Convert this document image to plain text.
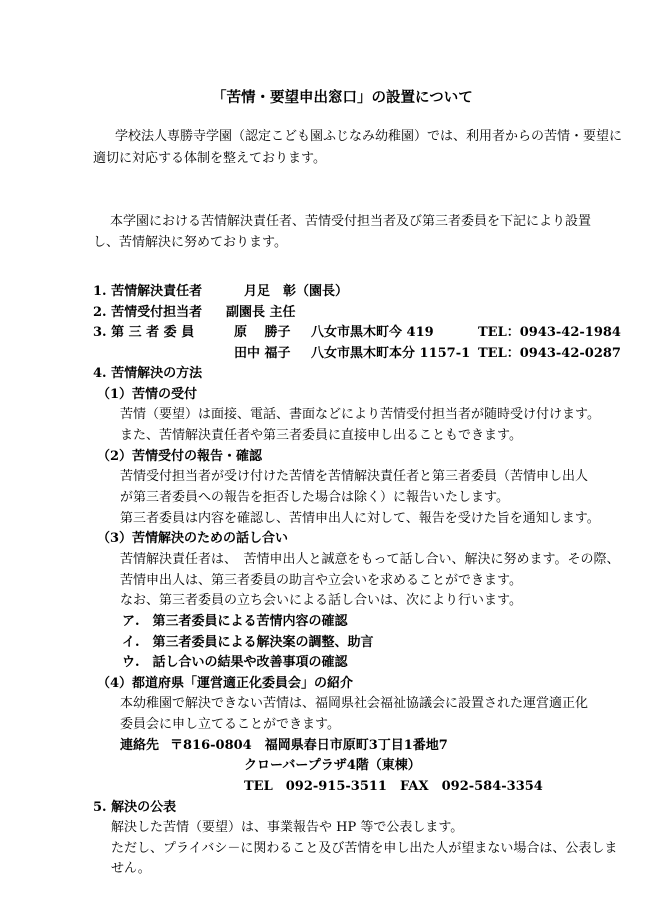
「苦情・要望申出窓口」の設置について
学校法人専勝寺学園（認定こども園ふじなみ幼稚園）では、利用者からの苦情・要望に
適切に対応する体制を整えております。
本学園における苦情解決責任者、苦情受付担当者及び第三者委員を下記により設置
し、苦情解決に努めております。
1. 苦情解決責任者	月足　彰（園長）
2. 苦情受付担当者 副園長 主任
3. 第 三 者 委 員	原　 勝子 八女市黒木町今 419	TEL：0943-42-1984
田中 福子 八女市黒木町本分 1157-1 TEL：0943-42-0287
4. 苦情解決の方法
（1）苦情の受付
苦情（要望）は面接、電話、書面などにより苦情受付担当者が随時受け付けます。
また、苦情解決責任者や第三者委員に直接申し出ることもできます。
（2）苦情受付の報告・確認
苦情受付担当者が受け付けた苦情を苦情解決責任者と第三者委員（苦情申し出人
が第三者委員への報告を拒否した場合は除く）に報告いたします。
第三者委員は内容を確認し、苦情申出人に対して、報告を受けた旨を通知します。
（3）苦情解決のための話し合い
苦情解決責任者は、　苦情申出人と誠意をもって話し合い、解決に努めます。その際、
苦情申出人は、第三者委員の助言や立会いを求めることができます。
なお、第三者委員の立ち会いによる話し合いは、次により行います。
ア.　第三者委員による苦情内容の確認
イ.　第三者委員による解決案の調整、助言
ウ.　話し合いの結果や改善事項の確認
（4）都道府県「運営適正化委員会」の紹介
本幼稚園で解決できない苦情は、福岡県社会福祉協議会に設置された運営適正化
委員会に申し立てることができます。
連絡先 〒816-0804　福岡県春日市原町3丁目1番地7
クローバープラザ4階（東棟）
TEL　092-915-3511　FAX　092-584-3354
5. 解決の公表
解決した苦情（要望）は、事業報告や HP 等で公表します。
ただし、プライバシ－に関わること及び苦情を申し出た人が望まない場合は、公表しま
せん。
